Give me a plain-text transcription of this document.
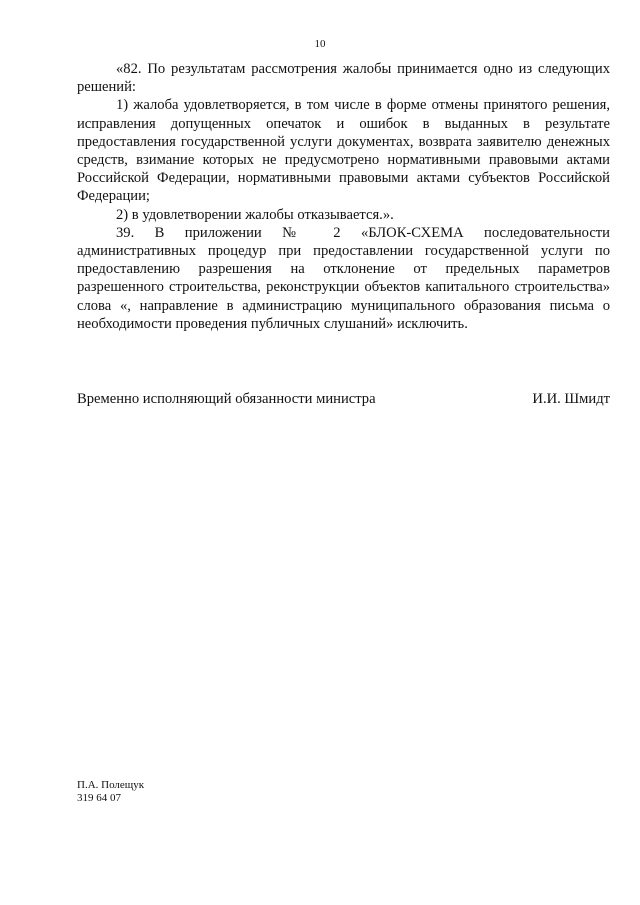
10

«82. По результатам рассмотрения жалобы принимается одно из следующих решений:

1) жалоба удовлетворяется, в том числе в форме отмены принятого решения, исправления допущенных опечаток и ошибок в выданных в результате предоставления государственной услуги документах, возврата заявителю денежных средств, взимание которых не предусмотрено нормативными правовыми актами Российской Федерации, нормативными правовыми актами субъектов Российской Федерации;

2) в удовлетворении жалобы отказывается.».

39. В приложении № 2 «БЛОК-СХЕМА последовательности административных процедур при предоставлении государственной услуги по предоставлению разрешения на отклонение от предельных параметров разрешенного строительства, реконструкции объектов капитального строительства» слова «, направление в администрацию муниципального образования письма о необходимости проведения публичных слушаний» исключить.

Временно исполняющий обязанности министра	И.И. Шмидт
П.А. Полещук
319 64 07
